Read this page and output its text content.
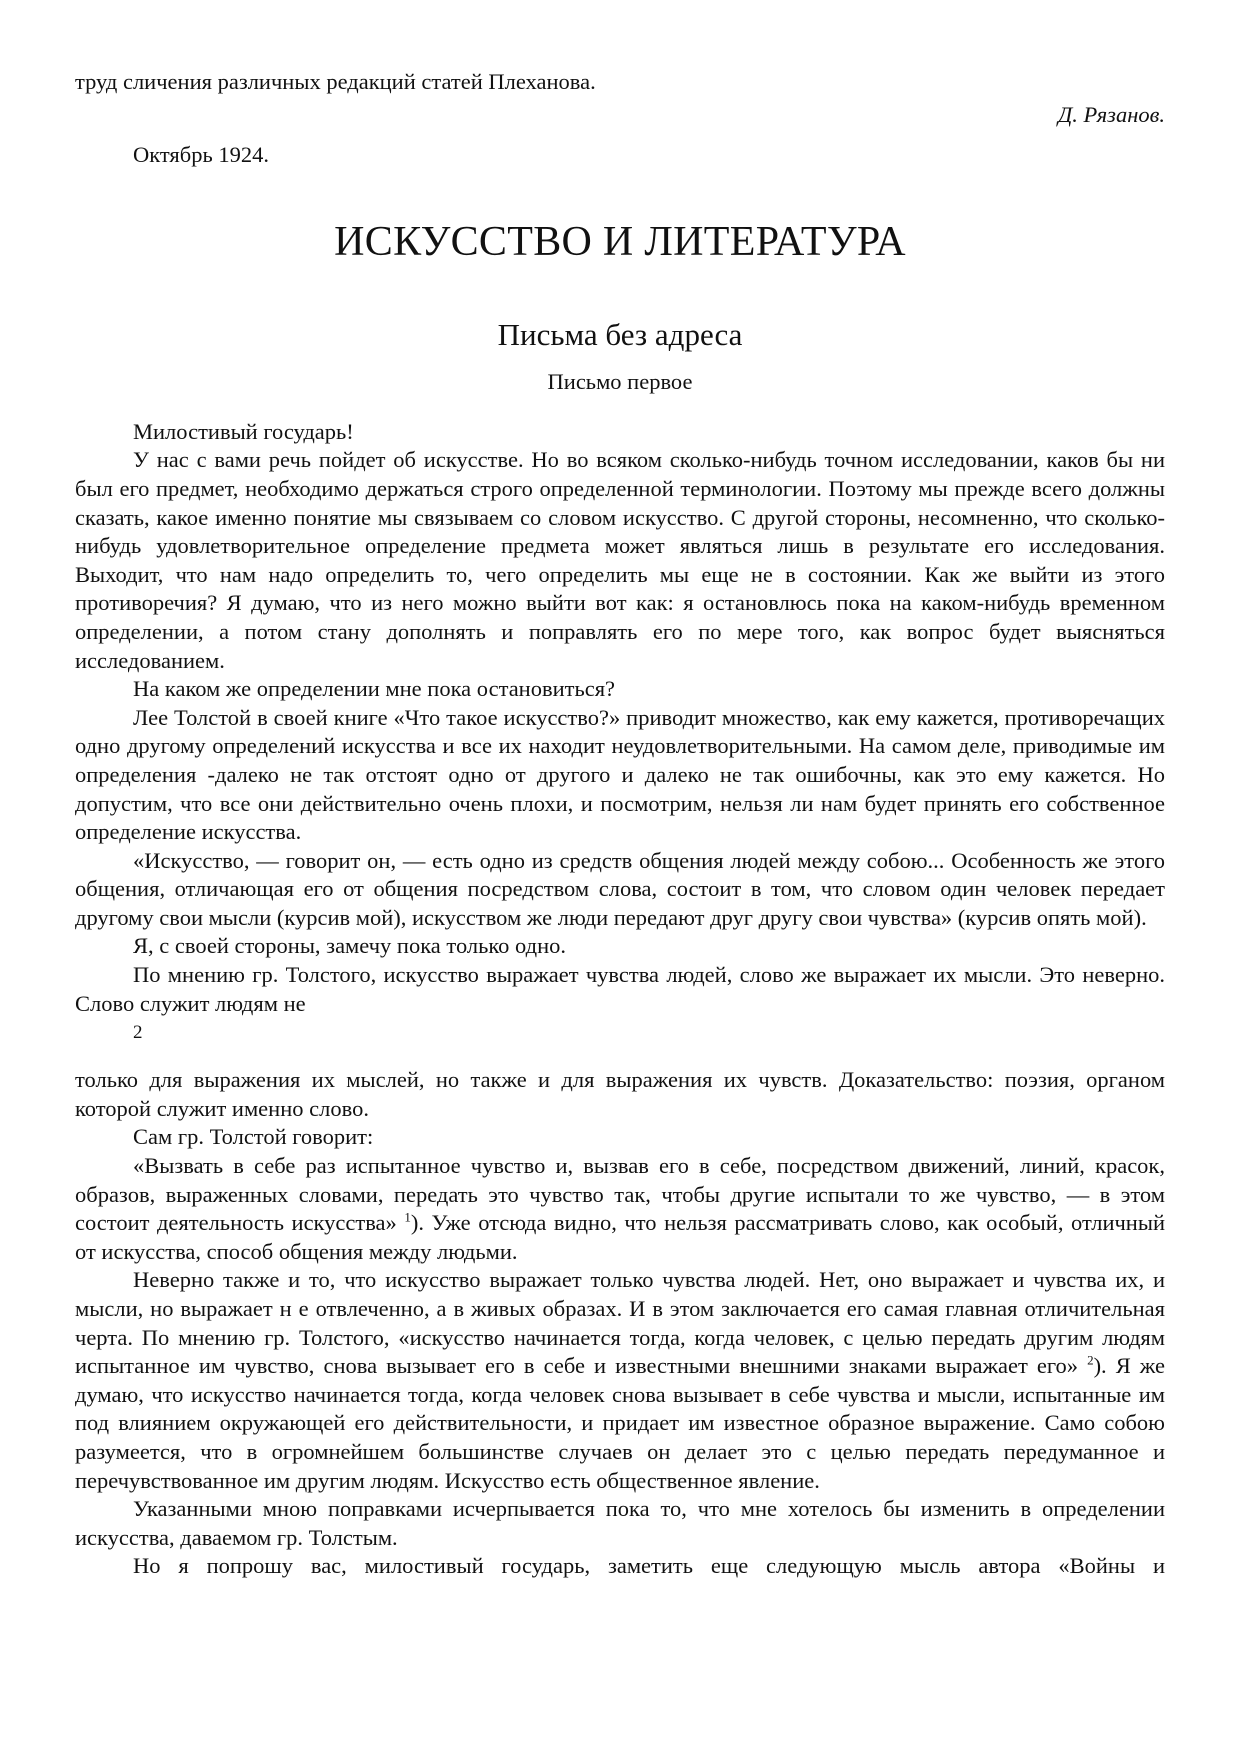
труд сличения различных редакций статей Плеханова.
Д. Рязанов.
Октябрь 1924.
ИСКУССТВО И ЛИТЕРАТУРА
Письма без адреса
Письмо первое

Милостивый государь!

У нас с вами речь пойдет об искусстве. Но во всяком сколько-нибудь точном исследовании, каков бы ни был его предмет, необходимо держаться строго определенной терминологии. Поэтому мы прежде всего должны сказать, какое именно понятие мы связываем со словом искусство. С другой стороны, несомненно, что сколько-нибудь удовлетворительное определение предмета может являться лишь в результате его исследования. Выходит, что нам надо определить то, чего определить мы еще не в состоянии. Как же выйти из этого противоречия? Я думаю, что из него можно выйти вот как: я остановлюсь пока на каком-нибудь временном определении, а потом стану дополнять и поправлять его по мере того, как вопрос будет выясняться исследованием.

На каком же определении мне пока остановиться?

Лее Толстой в своей книге «Что такое искусство?» приводит множество, как ему кажется, противоречащих одно другому определений искусства и все их находит неудовлетворительными. На самом деле, приводимые им определения -далеко не так отстоят одно от другого и далеко не так ошибочны, как это ему кажется. Но допустим, что все они действительно очень плохи, и посмотрим, нельзя ли нам будет принять его собственное определение искусства.

«Искусство, — говорит он, — есть одно из средств общения людей между собою... Особенность же этого общения, отличающая его от общения посредством слова, состоит в том, что словом один человек передает другому свои мысли (курсив мой), искусством же люди передают друг другу свои чувства» (курсив опять мой).

Я, с своей стороны, замечу пока только одно.

По мнению гр. Толстого, искусство выражает чувства людей, слово же выражает их мысли. Это неверно. Слово служит людям не

2

только для выражения их мыслей, но также и для выражения их чувств. Доказательство: поэзия, органом которой служит именно слово.

Сам гр. Толстой говорит:

«Вызвать в себе раз испытанное чувство и, вызвав его в себе, посредством движений, линий, красок, образов, выраженных словами, передать это чувство так, чтобы другие испытали то же чувство, — в этом состоит деятельность искусства» $^1$). Уже отсюда видно, что нельзя рассматривать слово, как особый, отличный от искусства, способ общения между людьми.

Неверно также и то, что искусство выражает только чувства людей. Нет, оно выражает и чувства их, и мысли, но выражает н е отвлеченно, а в живых образах. И в этом заключается его самая главная отличительная черта. По мнению гр. Толстого, «искусство начинается тогда, когда человек, с целью передать другим людям испытанное им чувство, снова вызывает его в себе и известными внешними знаками выражает его» $^2$). Я же думаю, что искусство начинается тогда, когда человек снова вызывает в себе чувства и мысли, испытанные им под влиянием окружающей его действительности, и придает им известное образное выражение. Само собою разумеется, что в огромнейшем большинстве случаев он делает это с целью передать передуманное и перечувствованное им другим людям. Искусство есть общественное явление.

Указанными мною поправками исчерпывается пока то, что мне хотелось бы изменить в определении искусства, даваемом гр. Толстым.

Но я попрошу вас, милостивый государь, заметить еще следующую мысль автора «Войны и
